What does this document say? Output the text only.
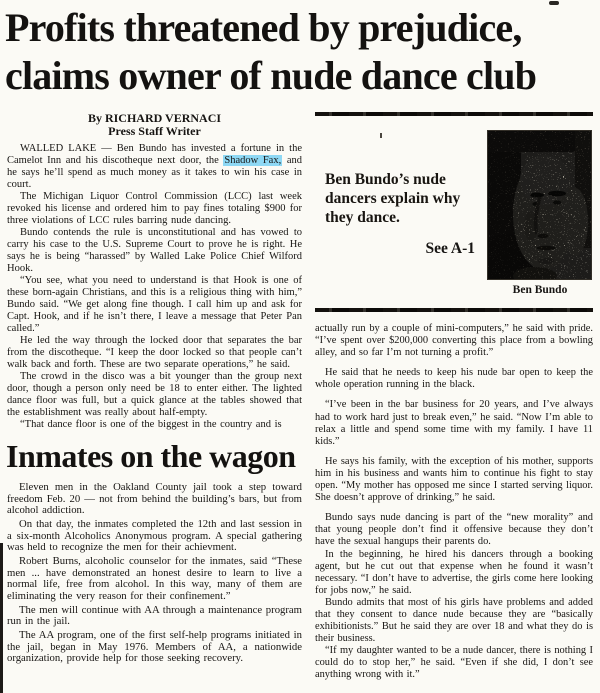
Profits threatened by prejudice,
claims owner of nude dance club
By RICHARD VERNACI
Press Staff Writer

WALLED LAKE — Ben Bundo has invested a fortune in the Camelot Inn and his discotheque next door, the Shadow Fax, and he says he’ll spend as much money as it takes to win his case in court.

The Michigan Liquor Control Commission (LCC) last week revoked his license and ordered him to pay fines totaling $900 for three violations of LCC rules barring nude dancing.

Bundo contends the rule is unconstitutional and has vowed to carry his case to the U.S. Supreme Court to prove he is right. He says he is being “harassed” by Walled Lake Police Chief Wilford Hook.

“You see, what you need to understand is that Hook is one of these born-again Christians, and this is a religious thing with him,” Bundo said. “We get along fine though. I call him up and ask for Capt. Hook, and if he isn’t there, I leave a message that Peter Pan called.”

He led the way through the locked door that separates the bar from the discotheque. “I keep the door locked so that people can’t walk back and forth. These are two separate operations,” he said.

The crowd in the disco was a bit younger than the group next door, though a person only need be 18 to enter either. The lighted dance floor was full, but a quick glance at the tables showed that the establishment was really about half-empty.

“That dance floor is one of the biggest in the country and is

Inmates on the wagon

Eleven men in the Oakland County jail took a step toward freedom Feb. 20 — not from behind the building’s bars, but from alcohol addiction.

On that day, the inmates completed the 12th and last session in a six-month Alcoholics Anonymous program. A special gathering was held to recognize the men for their achievment.

Robert Burns, alcoholic counselor for the inmates, said “These men ... have demonstrated an honest desire to learn to live a normal life, free from alcohol. In this way, many of them are eliminating the very reason for their confinement.”

The men will continue with AA through a maintenance program run in the jail.

The AA program, one of the first self-help programs initiated in the jail, began in May 1976. Members of AA, a nationwide organization, provide help for those seeking recovery.

Ben Bundo’s nude dancers explain why they dance.

See A-1

Ben Bundo

actually run by a couple of mini-computers,” he said with pride. “I’ve spent over $200,000 converting this place from a bowling alley, and so far I’m not turning a profit.”

He said that he needs to keep his nude bar open to keep the whole operation running in the black.

“I’ve been in the bar business for 20 years, and I’ve always had to work hard just to break even,” he said. “Now I’m able to relax a little and spend some time with my family. I have 11 kids.”

He says his family, with the exception of his mother, supports him in his business and wants him to continue his fight to stay open. “My mother has opposed me since I started serving liquor. She doesn’t approve of drinking,” he said.

Bundo says nude dancing is part of the “new morality” and that young people don’t find it offensive because they don’t have the sexual hangups their parents do.

In the beginning, he hired his dancers through a booking agent, but he cut out that expense when he found it wasn’t necessary. “I don’t have to advertise, the girls come here looking for jobs now,” he said.

Bundo admits that most of his girls have problems and added that they consent to dance nude because they are “basically exhibitionists.” But he said they are over 18 and what they do is their business.

“If my daughter wanted to be a nude dancer, there is nothing I could do to stop her,” he said. “Even if she did, I don’t see anything wrong with it.”
